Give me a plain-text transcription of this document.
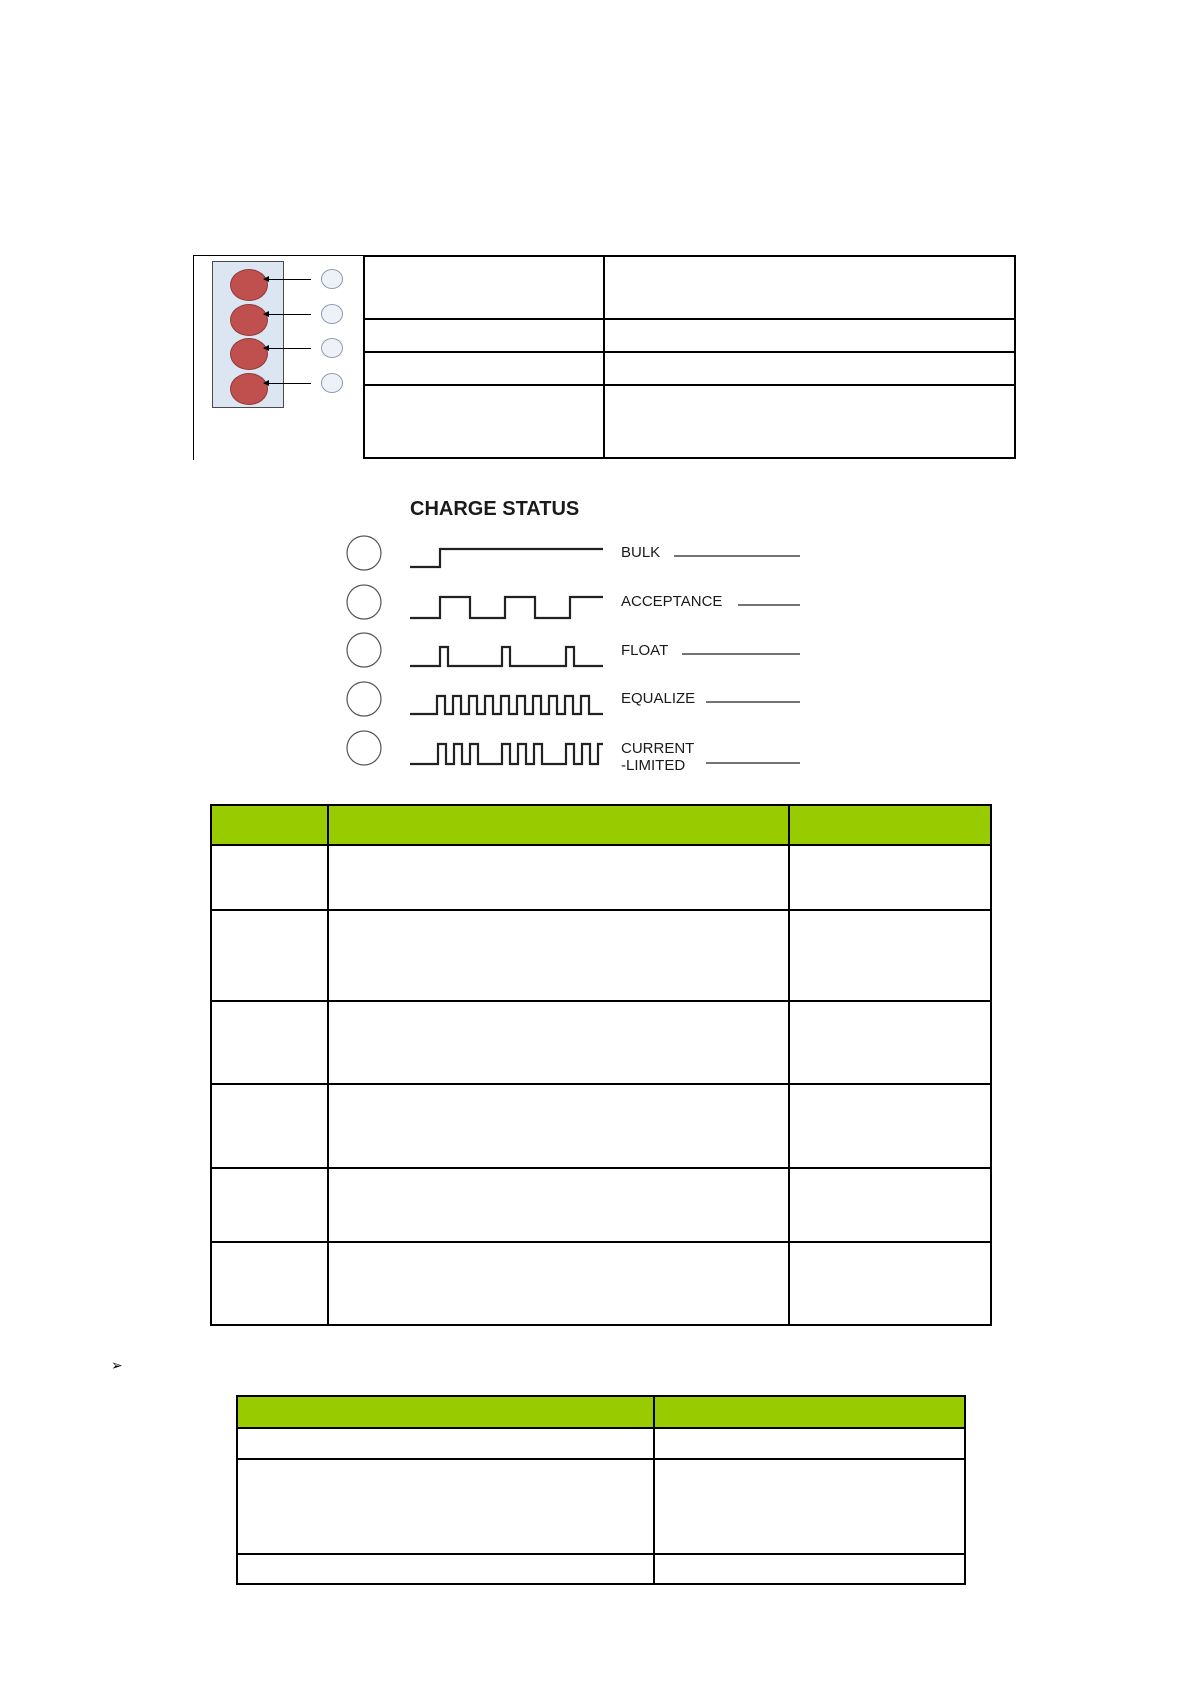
CHARGE STATUS
BULK
ACCEPTANCE
FLOAT
EQUALIZE
CURRENT
-LIMITED

➢
